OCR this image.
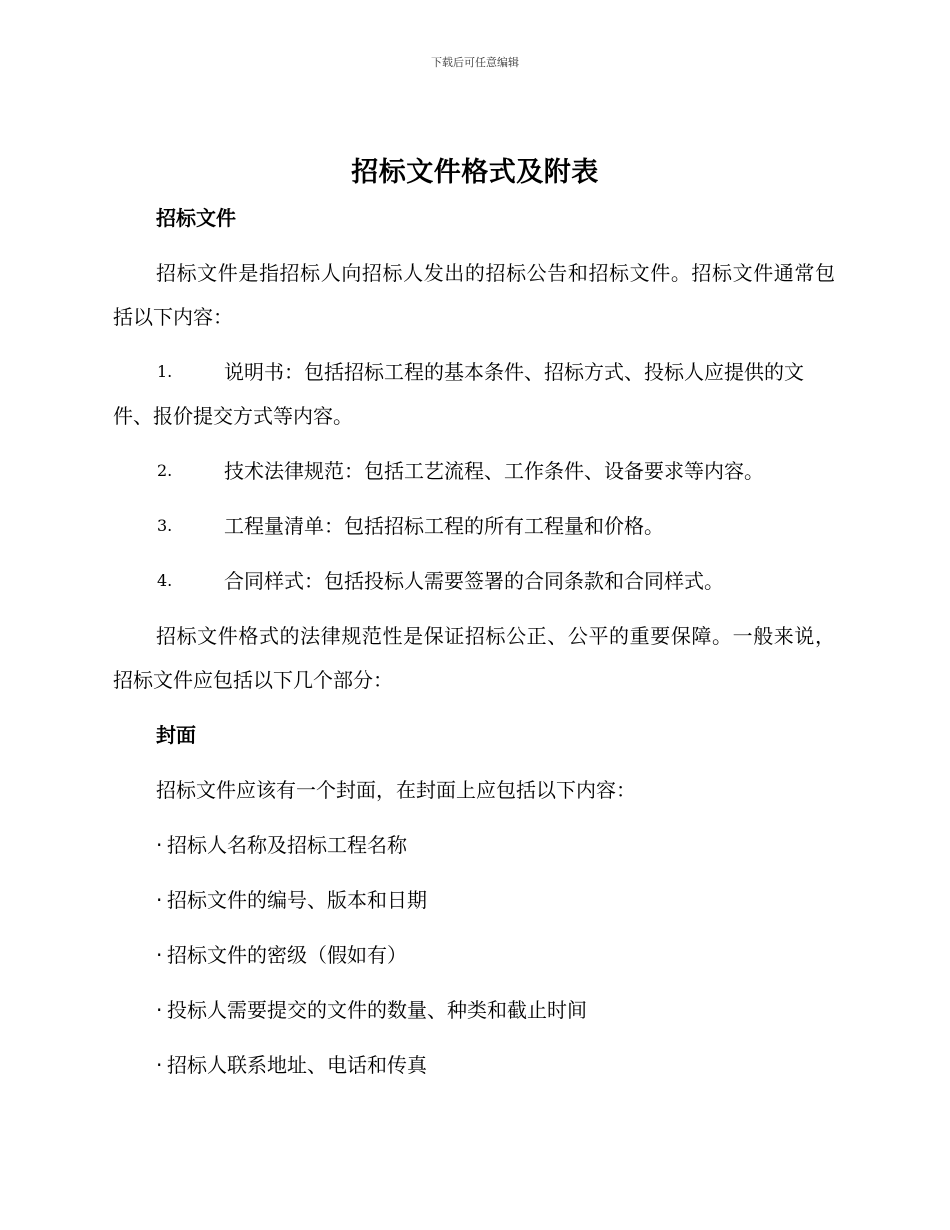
下载后可任意编辑
招标文件格式及附表
招标文件
招标文件是指招标人向招标人发出的招标公告和招标文件。招标文件通常包括以下内容：
1.	说明书：包括招标工程的基本条件、招标方式、投标人应提供的文件、报价提交方式等内容。
2.	技术法律规范：包括工艺流程、工作条件、设备要求等内容。
3.	工程量清单：包括招标工程的所有工程量和价格。
4.	合同样式：包括投标人需要签署的合同条款和合同样式。
招标文件格式的法律规范性是保证招标公正、公平的重要保障。一般来说，招标文件应包括以下几个部分：
封面
招标文件应该有一个封面，在封面上应包括以下内容：
· 招标人名称及招标工程名称
· 招标文件的编号、版本和日期
· 招标文件的密级（假如有）
· 投标人需要提交的文件的数量、种类和截止时间
· 招标人联系地址、电话和传真
